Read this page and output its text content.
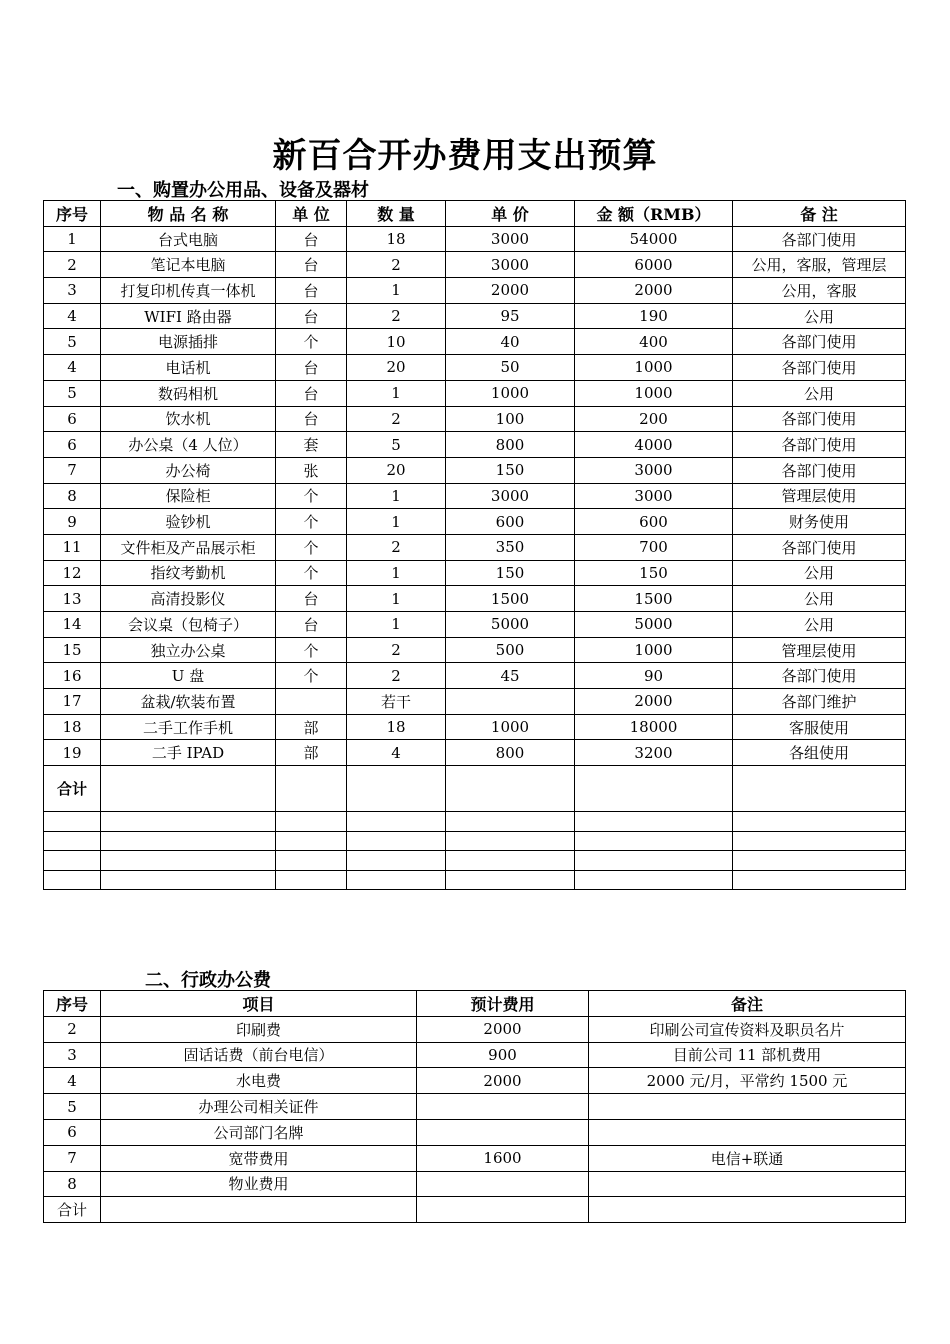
新百合开办费用支出预算
一、购置办公用品、设备及器材
序号	物 品 名 称	单 位	数 量	单 价	金 额（RMB）	备 注
1	台式电脑	台	18	3000	54000	各部门使用
2	笔记本电脑	台	2	3000	6000	公用，客服，管理层
3	打复印机传真一体机	台	1	2000	2000	公用，客服
4	WIFI 路由器	台	2	95	190	公用
5	电源插排	个	10	40	400	各部门使用
4	电话机	台	20	50	1000	各部门使用
5	数码相机	台	1	1000	1000	公用
6	饮水机	台	2	100	200	各部门使用
6	办公桌（4 人位）	套	5	800	4000	各部门使用
7	办公椅	张	20	150	3000	各部门使用
8	保险柜	个	1	3000	3000	管理层使用
9	验钞机	个	1	600	600	财务使用
11	文件柜及产品展示柜	个	2	350	700	各部门使用
12	指纹考勤机	个	1	150	150	公用
13	高清投影仪	台	1	1500	1500	公用
14	会议桌（包椅子）	台	1	5000	5000	公用
15	独立办公桌	个	2	500	1000	管理层使用
16	U 盘	个	2	45	90	各部门使用
17	盆栽/软装布置		若干		2000	各部门维护
18	二手工作手机	部	18	1000	18000	客服使用
19	二手 IPAD	部	4	800	3200	各组使用
合计						

二、行政办公费
序号	项目	预计费用	备注
2	印刷费	2000	印刷公司宣传资料及职员名片
3	固话话费（前台电信）	900	目前公司 11 部机费用
4	水电费	2000	2000 元/月，平常约 1500 元
5	办理公司相关证件		
6	公司部门名牌		
7	宽带费用	1600	电信+联通
8	物业费用		
合计			
